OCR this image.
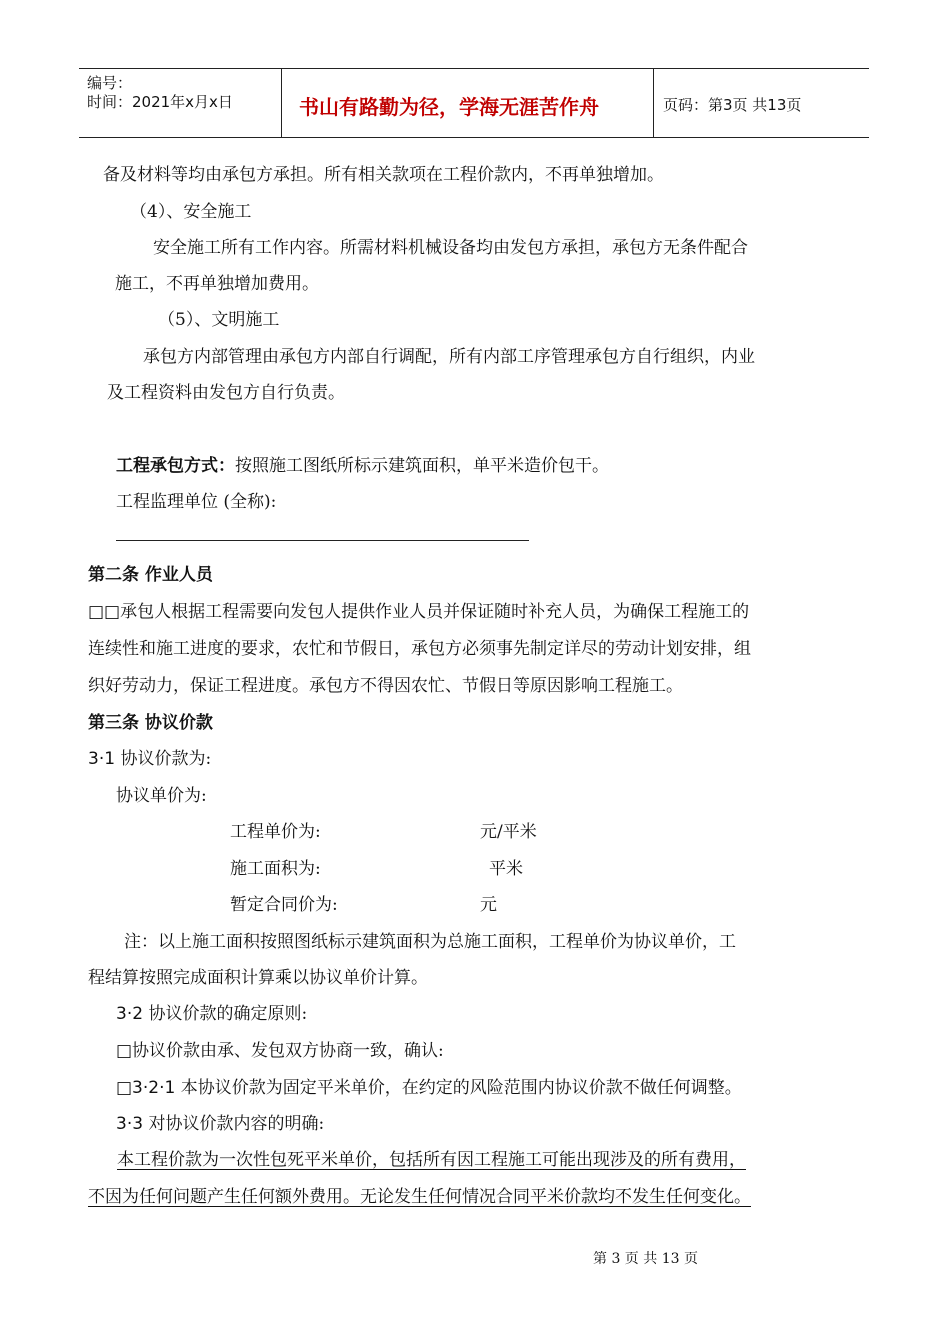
编号：
时间：2021年x月x日	书山有路勤为径，学海无涯苦作舟	页码：第3页 共13页
备及材料等均由承包方承担。所有相关款项在工程价款内，不再单独增加。
（4）、安全施工
安全施工所有工作内容。所需材料机械设备均由发包方承担，承包方无条件配合
施工，不再单独增加费用。
（5）、文明施工
承包方内部管理由承包方内部自行调配，所有内部工序管理承包方自行组织，内业
及工程资料由发包方自行负责。
工程承包方式：按照施工图纸所标示建筑面积，单平米造价包干。
工程监理单位 (全称):
第二条 作业人员
□□承包人根据工程需要向发包人提供作业人员并保证随时补充人员，为确保工程施工的
连续性和施工进度的要求，农忙和节假日，承包方必须事先制定详尽的劳动计划安排，组
织好劳动力，保证工程进度。承包方不得因农忙、节假日等原因影响工程施工。
第三条 协议价款
3·1 协议价款为:
协议单价为:
工程单价为:	元/平米
施工面积为:	平米
暂定合同价为:	元
注：以上施工面积按照图纸标示建筑面积为总施工面积，工程单价为协议单价，工
程结算按照完成面积计算乘以协议单价计算。
3·2 协议价款的确定原则:
□协议价款由承、发包双方协商一致，确认:
□3·2·1 本协议价款为固定平米单价，在约定的风险范围内协议价款不做任何调整。
3·3 对协议价款内容的明确:
本工程价款为一次性包死平米单价，包括所有因工程施工可能出现涉及的所有费用，
不因为任何问题产生任何额外费用。无论发生任何情况合同平米价款均不发生任何变化。
第 3 页 共 13 页
